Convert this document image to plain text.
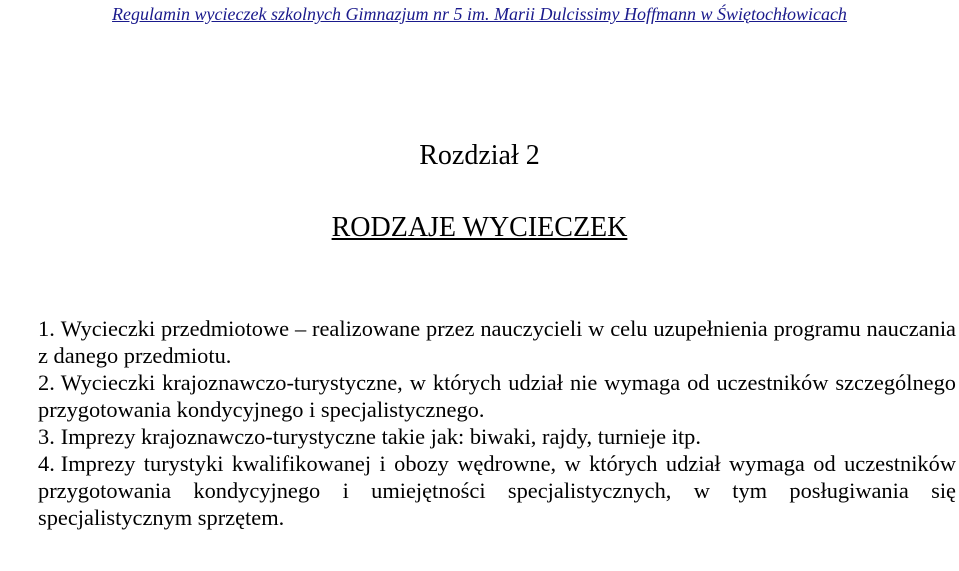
Regulamin wycieczek szkolnych Gimnazjum nr 5 im. Marii Dulcissimy Hoffmann w Świętochłowicach
Rozdział 2
RODZAJE WYCIECZEK
1. Wycieczki przedmiotowe – realizowane przez nauczycieli w celu uzupełnienia programu nauczania z danego przedmiotu.
2. Wycieczki krajoznawczo-turystyczne, w których udział nie wymaga od uczestników szczególnego przygotowania kondycyjnego i specjalistycznego.
3. Imprezy krajoznawczo-turystyczne takie jak: biwaki, rajdy, turnieje itp.
4. Imprezy turystyki kwalifikowanej i obozy wędrowne, w których udział wymaga od uczestników przygotowania kondycyjnego i umiejętności specjalistycznych, w tym posługiwania się specjalistycznym sprzętem.
